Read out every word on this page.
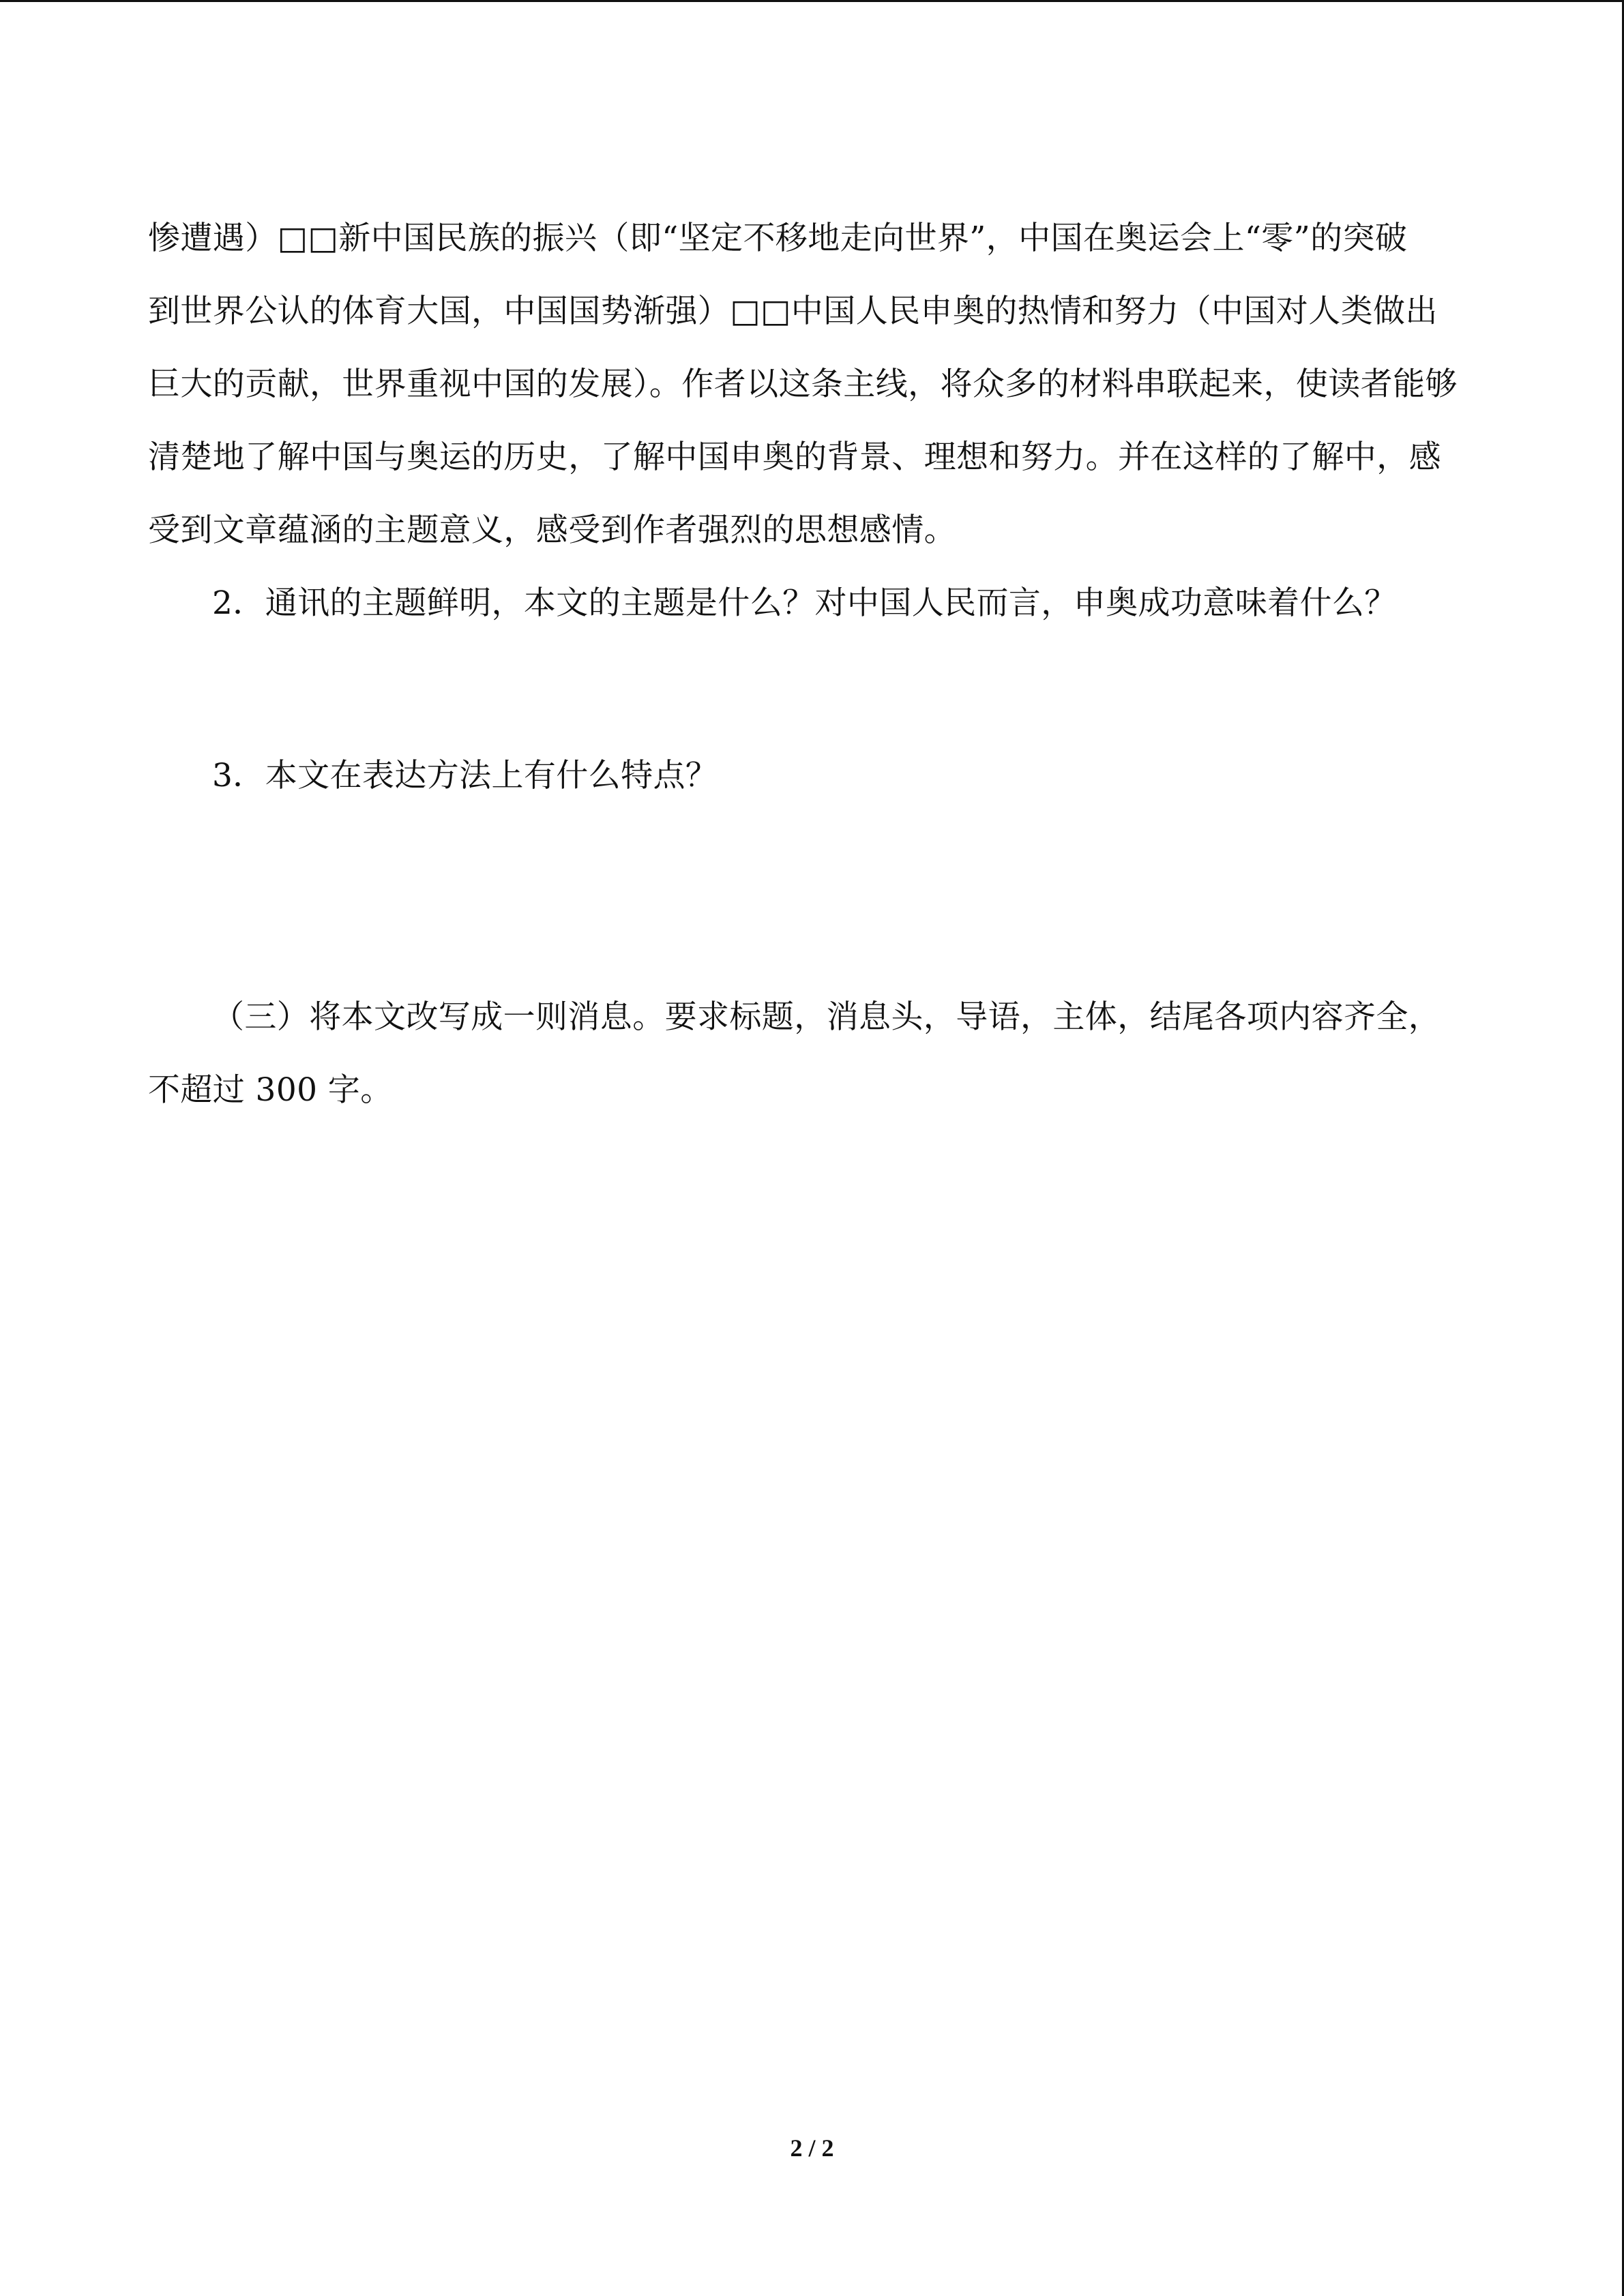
惨遭遇）□□新中国民族的振兴（即“坚定不移地走向世界”，中国在奥运会上“零”的突破
到世界公认的体育大国，中国国势渐强）□□中国人民申奥的热情和努力（中国对人类做出
巨大的贡献，世界重视中国的发展）。作者以这条主线，将众多的材料串联起来，使读者能够
清楚地了解中国与奥运的历史，了解中国申奥的背景、理想和努力。并在这样的了解中，感
受到文章蕴涵的主题意义，感受到作者强烈的思想感情。

2．通讯的主题鲜明，本文的主题是什么？对中国人民而言，申奥成功意味着什么？

3．本文在表达方法上有什么特点？
（三）将本文改写成一则消息。要求标题，消息头，导语，主体，结尾各项内容齐全，
不超过 300 字。
2 / 2
